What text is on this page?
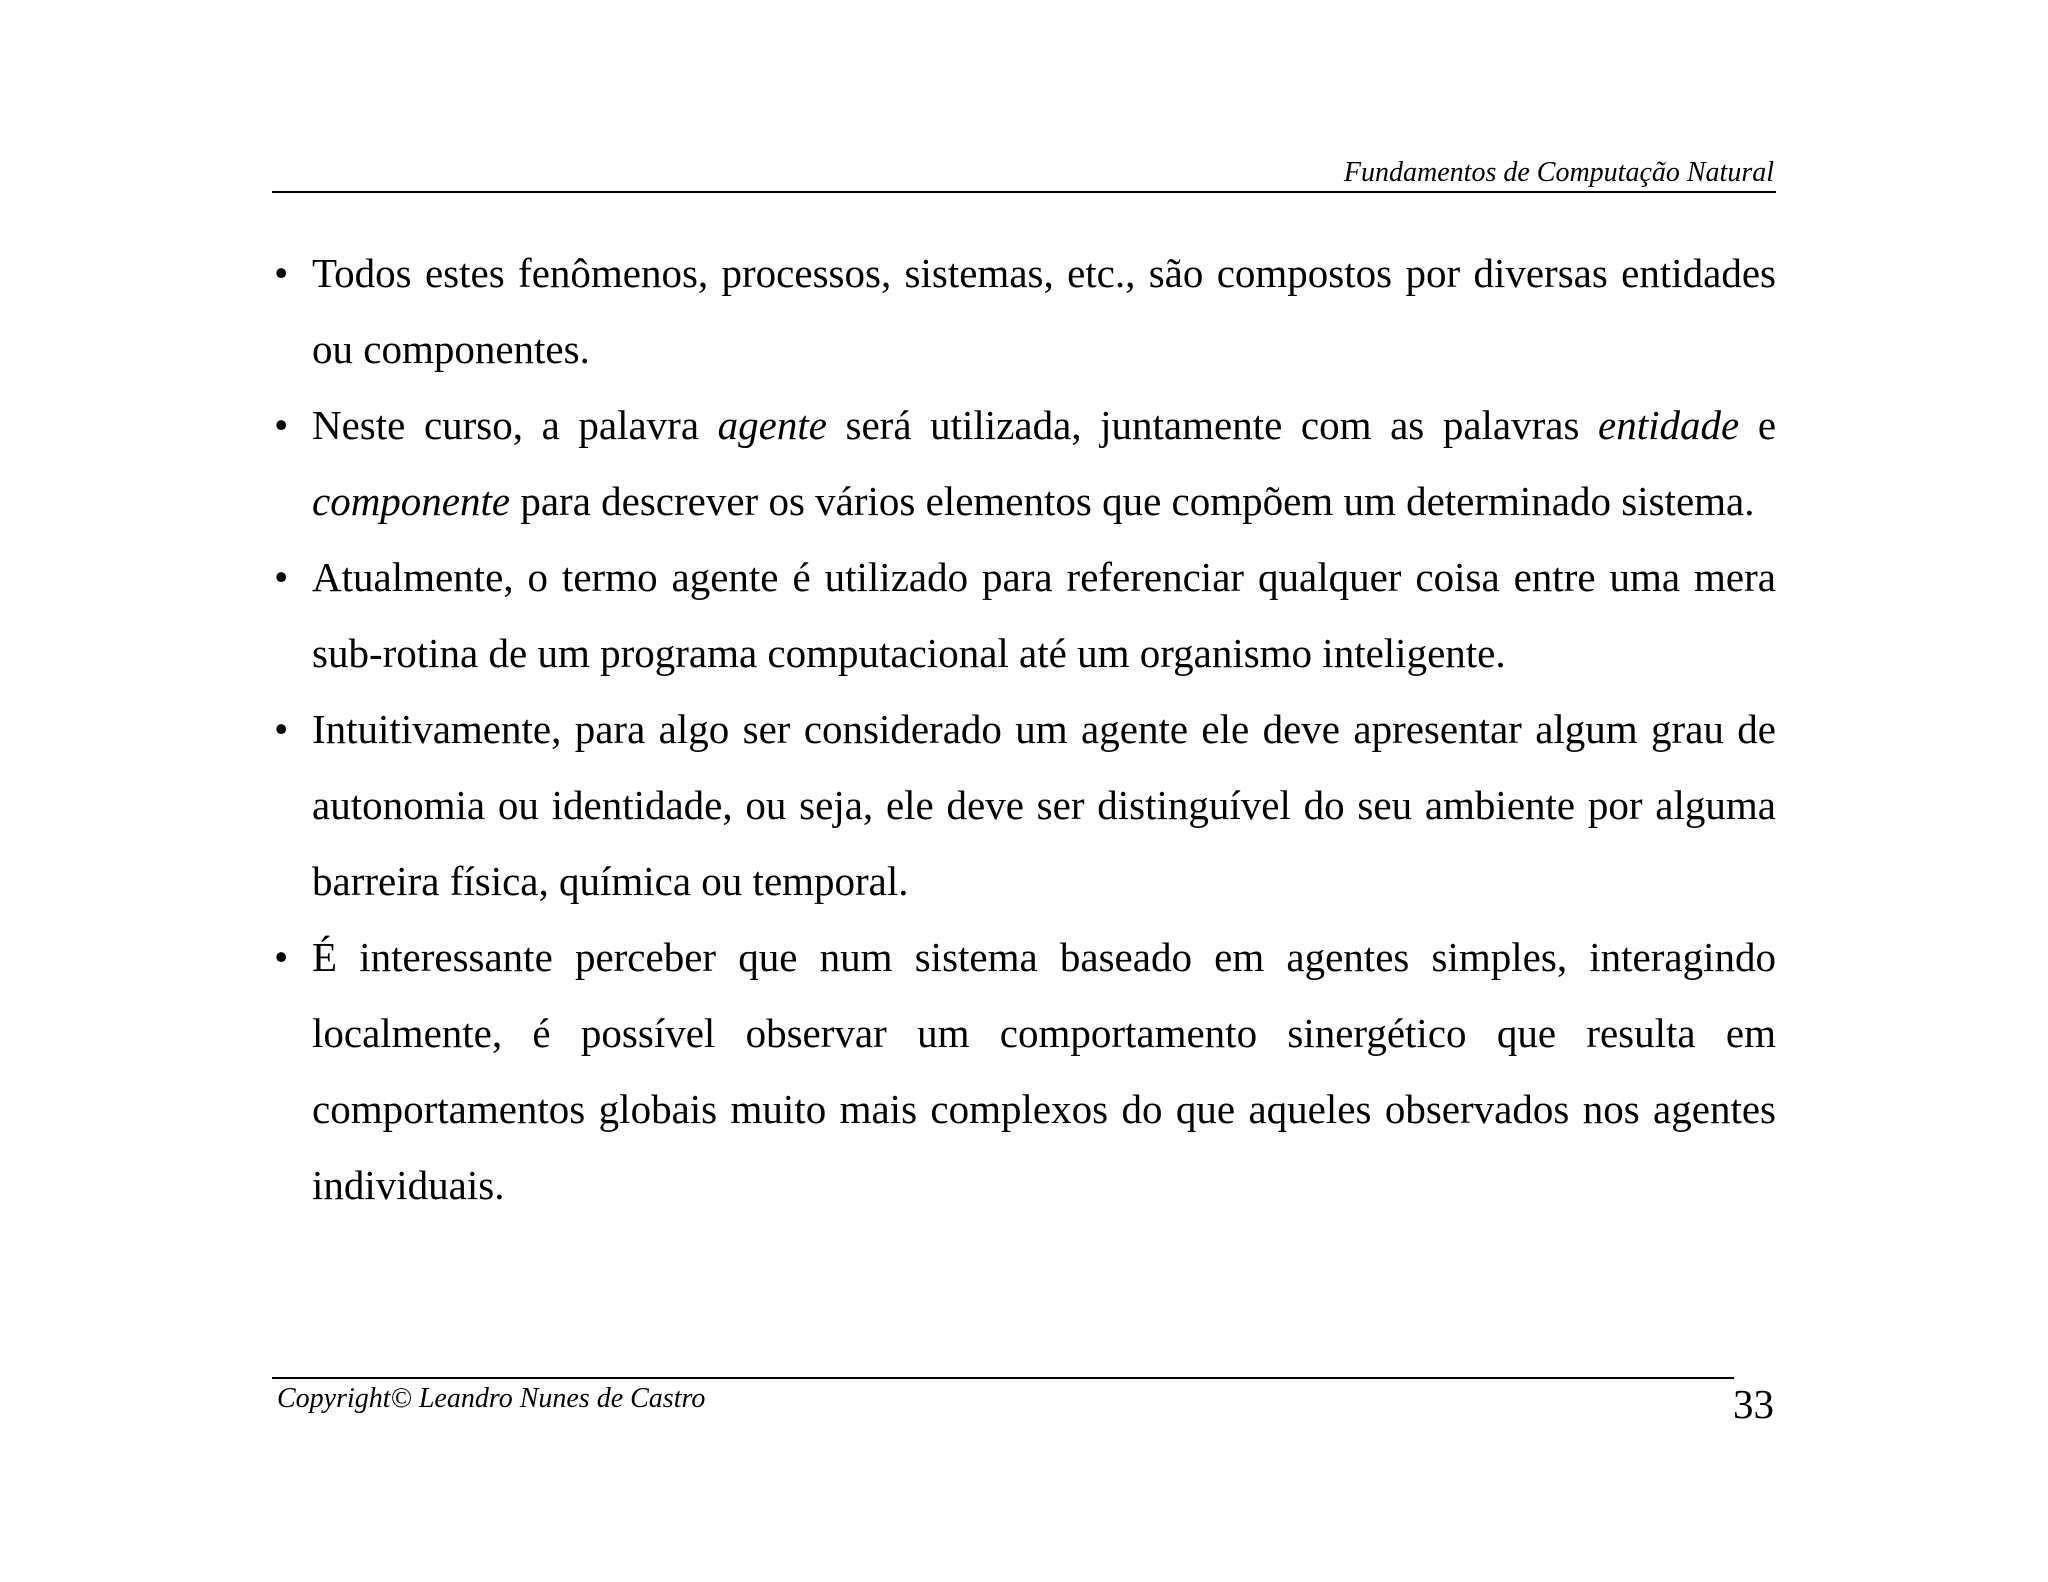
Fundamentos de Computação Natural
• Todos estes fenômenos, processos, sistemas, etc., são compostos por diversas entidades ou componentes.
• Neste curso, a palavra agente será utilizada, juntamente com as palavras entidade e componente para descrever os vários elementos que compõem um determinado sistema.
• Atualmente, o termo agente é utilizado para referenciar qualquer coisa entre uma mera sub-rotina de um programa computacional até um organismo inteligente.
• Intuitivamente, para algo ser considerado um agente ele deve apresentar algum grau de autonomia ou identidade, ou seja, ele deve ser distinguível do seu ambiente por alguma barreira física, química ou temporal.
• É interessante perceber que num sistema baseado em agentes simples, interagindo localmente, é possível observar um comportamento sinergético que resulta em comportamentos globais muito mais complexos do que aqueles observados nos agentes individuais.
Copyright© Leandro Nunes de Castro	33
